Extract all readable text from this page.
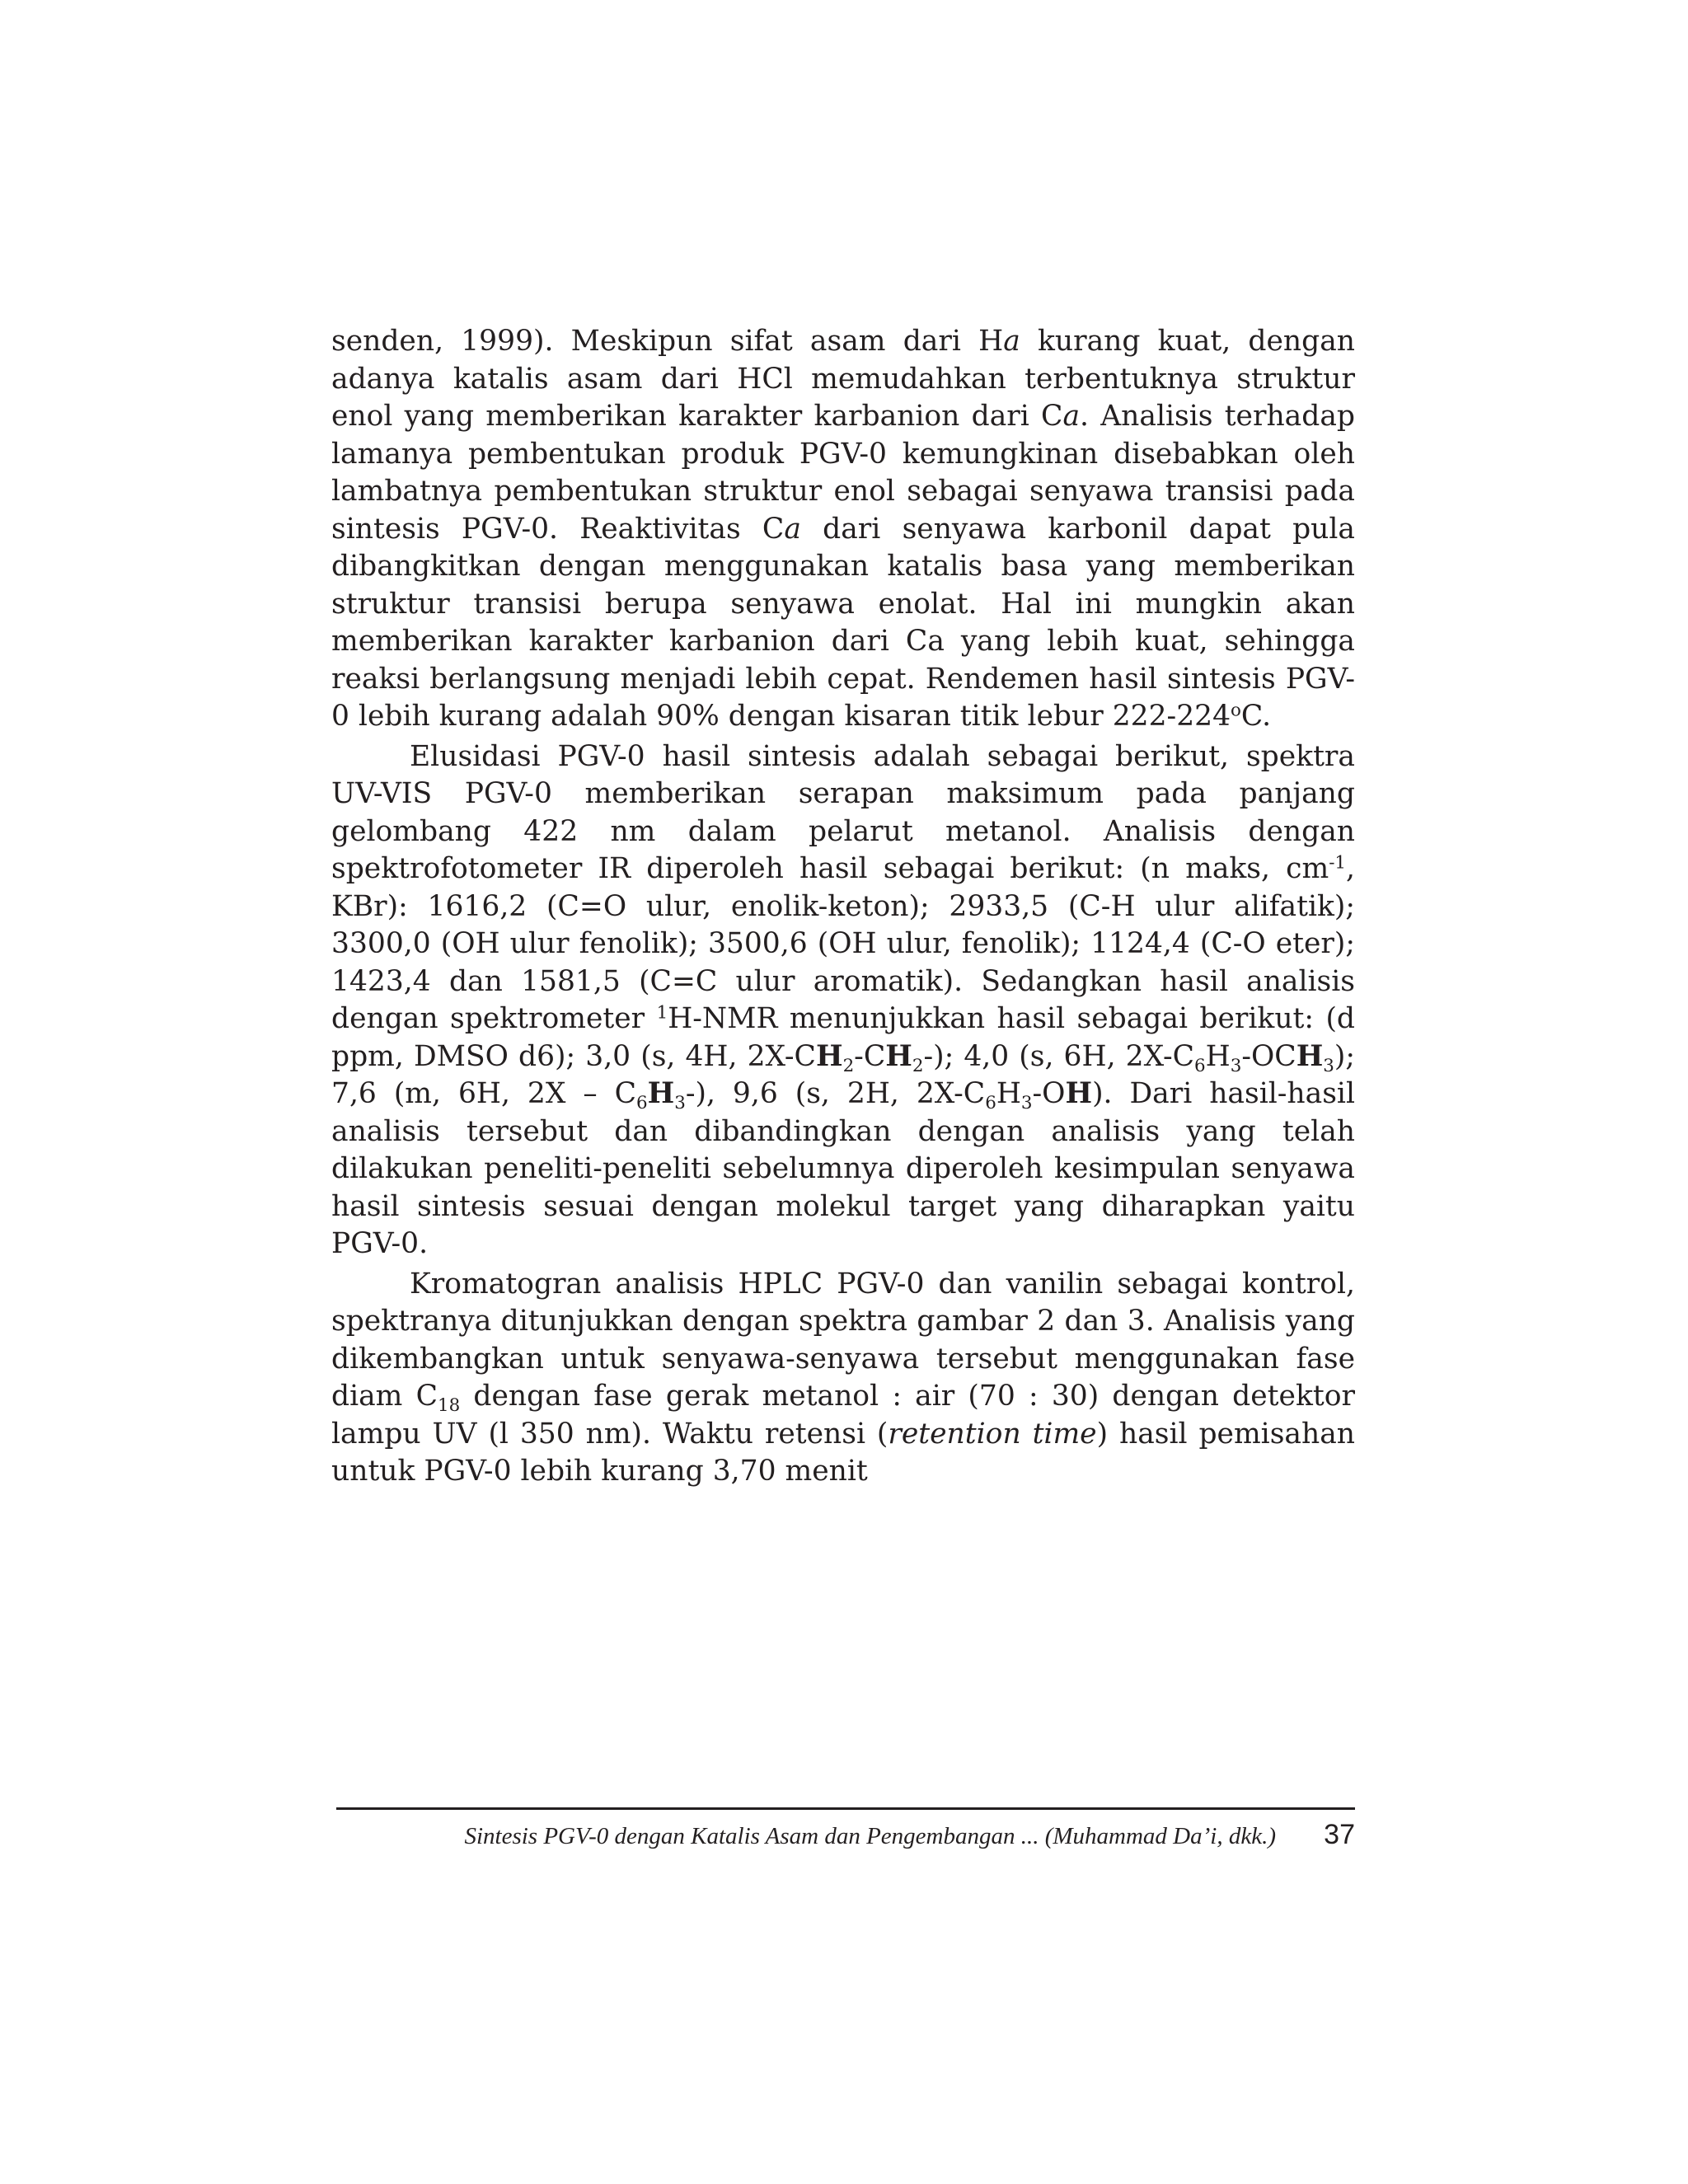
senden, 1999). Meskipun sifat asam dari Ha kurang kuat, dengan adanya katalis asam dari HCl memudahkan terbentuknya struktur enol yang memberikan karakter karbanion dari Ca. Analisis terhadap lamanya pembentukan produk PGV-0 kemungkinan disebabkan oleh lambatnya pembentukan struktur enol sebagai senyawa transisi pada sintesis PGV-0. Reaktivitas Ca dari senyawa karbonil dapat pula dibangkitkan dengan menggunakan katalis basa yang memberikan struktur transisi berupa senyawa enolat. Hal ini mungkin akan memberikan karakter karbanion dari Ca yang lebih kuat, sehingga reaksi berlangsung menjadi lebih cepat. Rendemen hasil sintesis PGV-0 lebih kurang adalah 90% dengan kisaran titik lebur 222-224$^o$C.

Elusidasi PGV-0 hasil sintesis adalah sebagai berikut, spektra UV-VIS PGV-0 memberikan serapan maksimum pada panjang gelombang 422 nm dalam pelarut metanol. Analisis dengan spektrofotometer IR diperoleh hasil sebagai berikut: (n maks, $cm^{-1}$, KBr): 1616,2 (C=O ulur, enolik-keton); 2933,5 (C-H ulur alifatik); 3300,0 (OH ulur fenolik); 3500,6 (OH ulur, fenolik); 1124,4 (C-O eter); 1423,4 dan 1581,5 (C=C ulur aromatik). Sedangkan hasil analisis dengan spektrometer $^1$H-NMR menunjukkan hasil sebagai berikut: (d ppm, DMSO d6); 3,0 (s, 4H, $2X-CH_2-CH_2-$); 4,0 (s, 6H, $2X-C_6H_3-OCH_3$); 7,6 (m, 6H, $2X - C_6H_3-$), 9,6 (s, 2H, $2X-C_6H_3-OH$). Dari hasil-hasil analisis tersebut dan dibandingkan dengan analisis yang telah dilakukan peneliti-peneliti sebelumnya diperoleh kesimpulan senyawa hasil sintesis sesuai dengan molekul target yang diharapkan yaitu PGV-0.

Kromatogran analisis HPLC PGV-0 dan vanilin sebagai kontrol, spektranya ditunjukkan dengan spektra gambar 2 dan 3. Analisis yang dikembangkan untuk senyawa-senyawa tersebut menggunakan fase diam $C_{18}$ dengan fase gerak metanol : air (70 : 30) dengan detektor lampu UV (l 350 nm). Waktu retensi (retention time) hasil pemisahan untuk PGV-0 lebih kurang 3,70 menit

Sintesis PGV-0 dengan Katalis Asam dan Pengembangan ... (Muhammad Da’i, dkk.)	37
